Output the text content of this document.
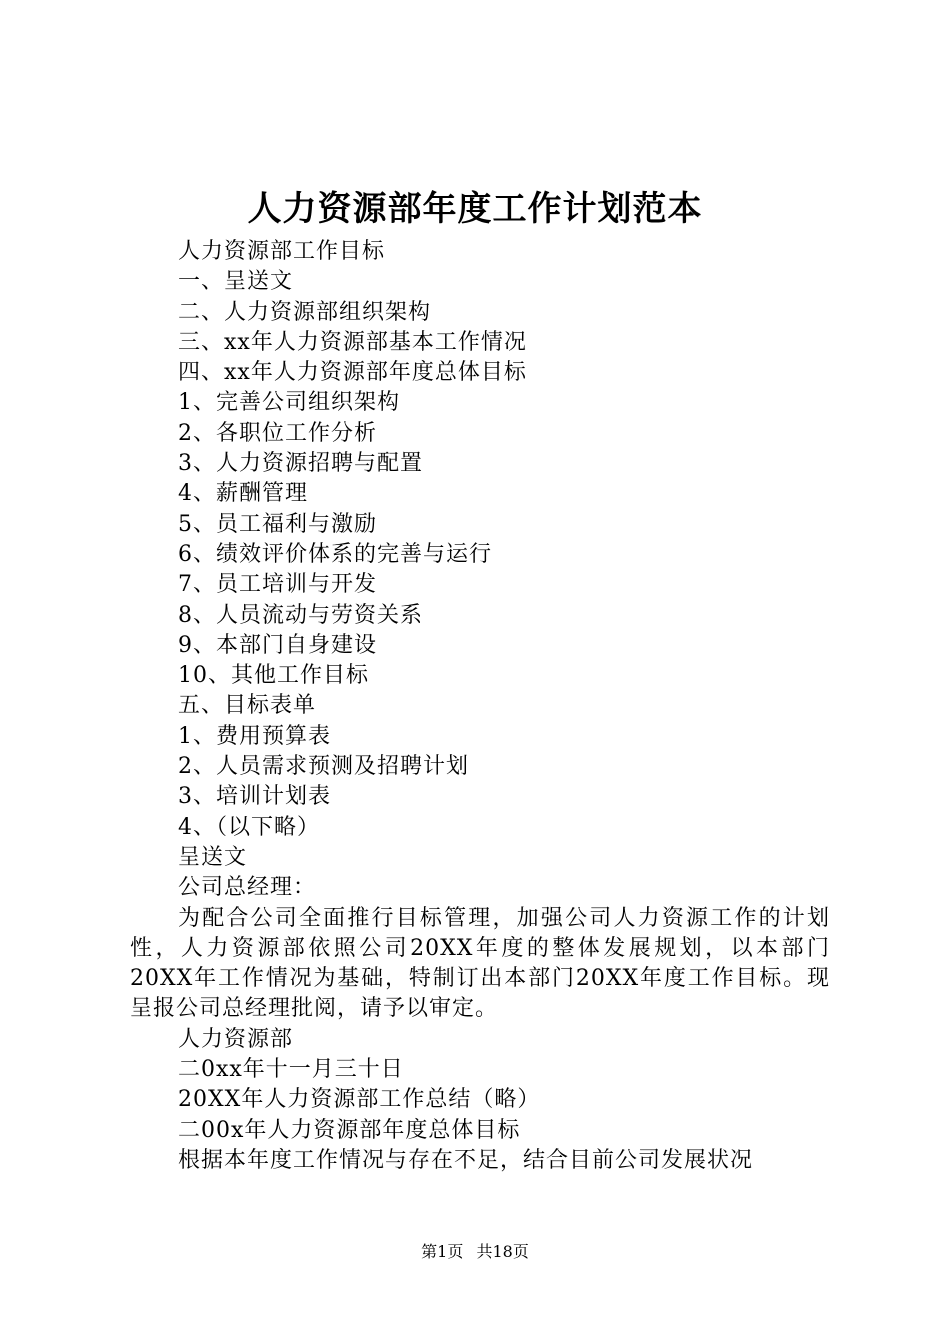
人力资源部年度工作计划范本
人力资源部工作目标
一、呈送文
二、人力资源部组织架构
三、xx年人力资源部基本工作情况
四、xx年人力资源部年度总体目标
1、完善公司组织架构
2、各职位工作分析
3、人力资源招聘与配置
4、薪酬管理
5、员工福利与激励
6、绩效评价体系的完善与运行
7、员工培训与开发
8、人员流动与劳资关系
9、本部门自身建设
10、其他工作目标
五、目标表单
1、费用预算表
2、人员需求预测及招聘计划
3、培训计划表
4、（以下略）
呈送文
公司总经理：
为配合公司全面推行目标管理，加强公司人力资源工作的计划性，人力资源部依照公司20XX年度的整体发展规划，以本部门20XX年工作情况为基础，特制订出本部门20XX年度工作目标。现呈报公司总经理批阅，请予以审定。
人力资源部
二0xx年十一月三十日
20XX年人力资源部工作总结（略）
二00x年人力资源部年度总体目标
根据本年度工作情况与存在不足，结合目前公司发展状况
第1页 共18页
